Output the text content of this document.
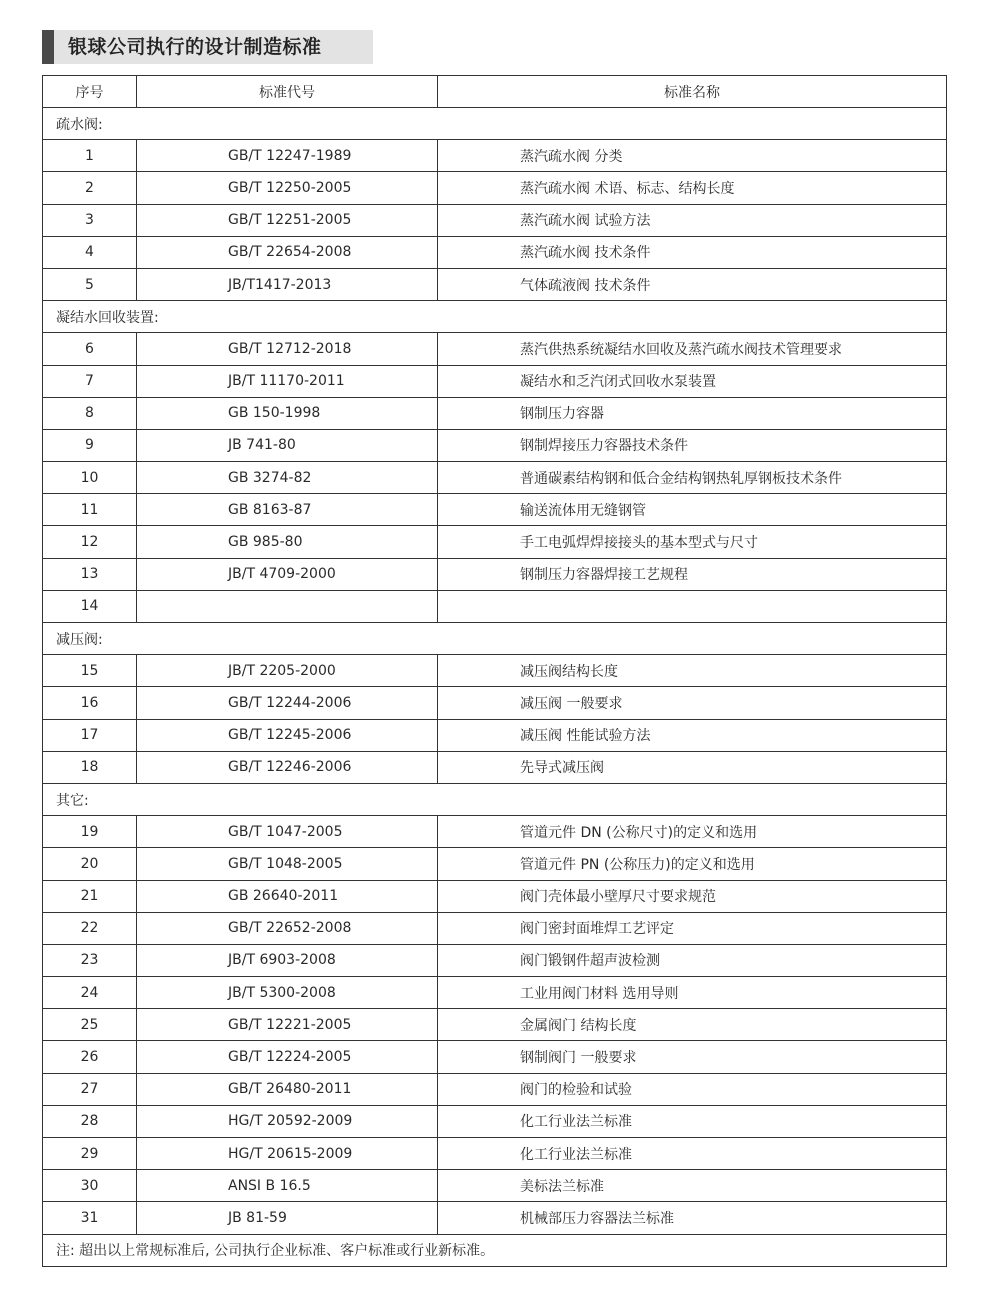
银球公司执行的设计制造标准
序号	标准代号	标准名称
疏水阀:		
1	GB/T 12247-1989	蒸汽疏水阀 分类
2	GB/T 12250-2005	蒸汽疏水阀 术语、标志、结构长度
3	GB/T 12251-2005	蒸汽疏水阀 试验方法
4	GB/T 22654-2008	蒸汽疏水阀 技术条件
5	JB/T1417-2013	气体疏液阀 技术条件
凝结水回收装置:		
6	GB/T 12712-2018	蒸汽供热系统凝结水回收及蒸汽疏水阀技术管理要求
7	JB/T 11170-2011	凝结水和乏汽闭式回收水泵装置
8	GB 150-1998	钢制压力容器
9	JB 741-80	钢制焊接压力容器技术条件
10	GB 3274-82	普通碳素结构钢和低合金结构钢热轧厚钢板技术条件
11	GB 8163-87	输送流体用无缝钢管
12	GB 985-80	手工电弧焊焊接接头的基本型式与尺寸
13	JB/T 4709-2000	钢制压力容器焊接工艺规程
14		
减压阀:		
15	JB/T 2205-2000	减压阀结构长度
16	GB/T 12244-2006	减压阀 一般要求
17	GB/T 12245-2006	减压阀 性能试验方法
18	GB/T 12246-2006	先导式减压阀
其它:		
19	GB/T 1047-2005	管道元件 DN (公称尺寸)的定义和选用
20	GB/T 1048-2005	管道元件 PN (公称压力)的定义和选用
21	GB 26640-2011	阀门壳体最小壁厚尺寸要求规范
22	GB/T 22652-2008	阀门密封面堆焊工艺评定
23	JB/T 6903-2008	阀门锻钢件超声波检测
24	JB/T 5300-2008	工业用阀门材料 选用导则
25	GB/T 12221-2005	金属阀门 结构长度
26	GB/T 12224-2005	钢制阀门 一般要求
27	GB/T 26480-2011	阀门的检验和试验
28	HG/T 20592-2009	化工行业法兰标准
29	HG/T 20615-2009	化工行业法兰标准
30	ANSI B 16.5	美标法兰标准
31	JB 81-59	机械部压力容器法兰标准
注: 超出以上常规标准后, 公司执行企业标准、客户标准或行业新标准。		
